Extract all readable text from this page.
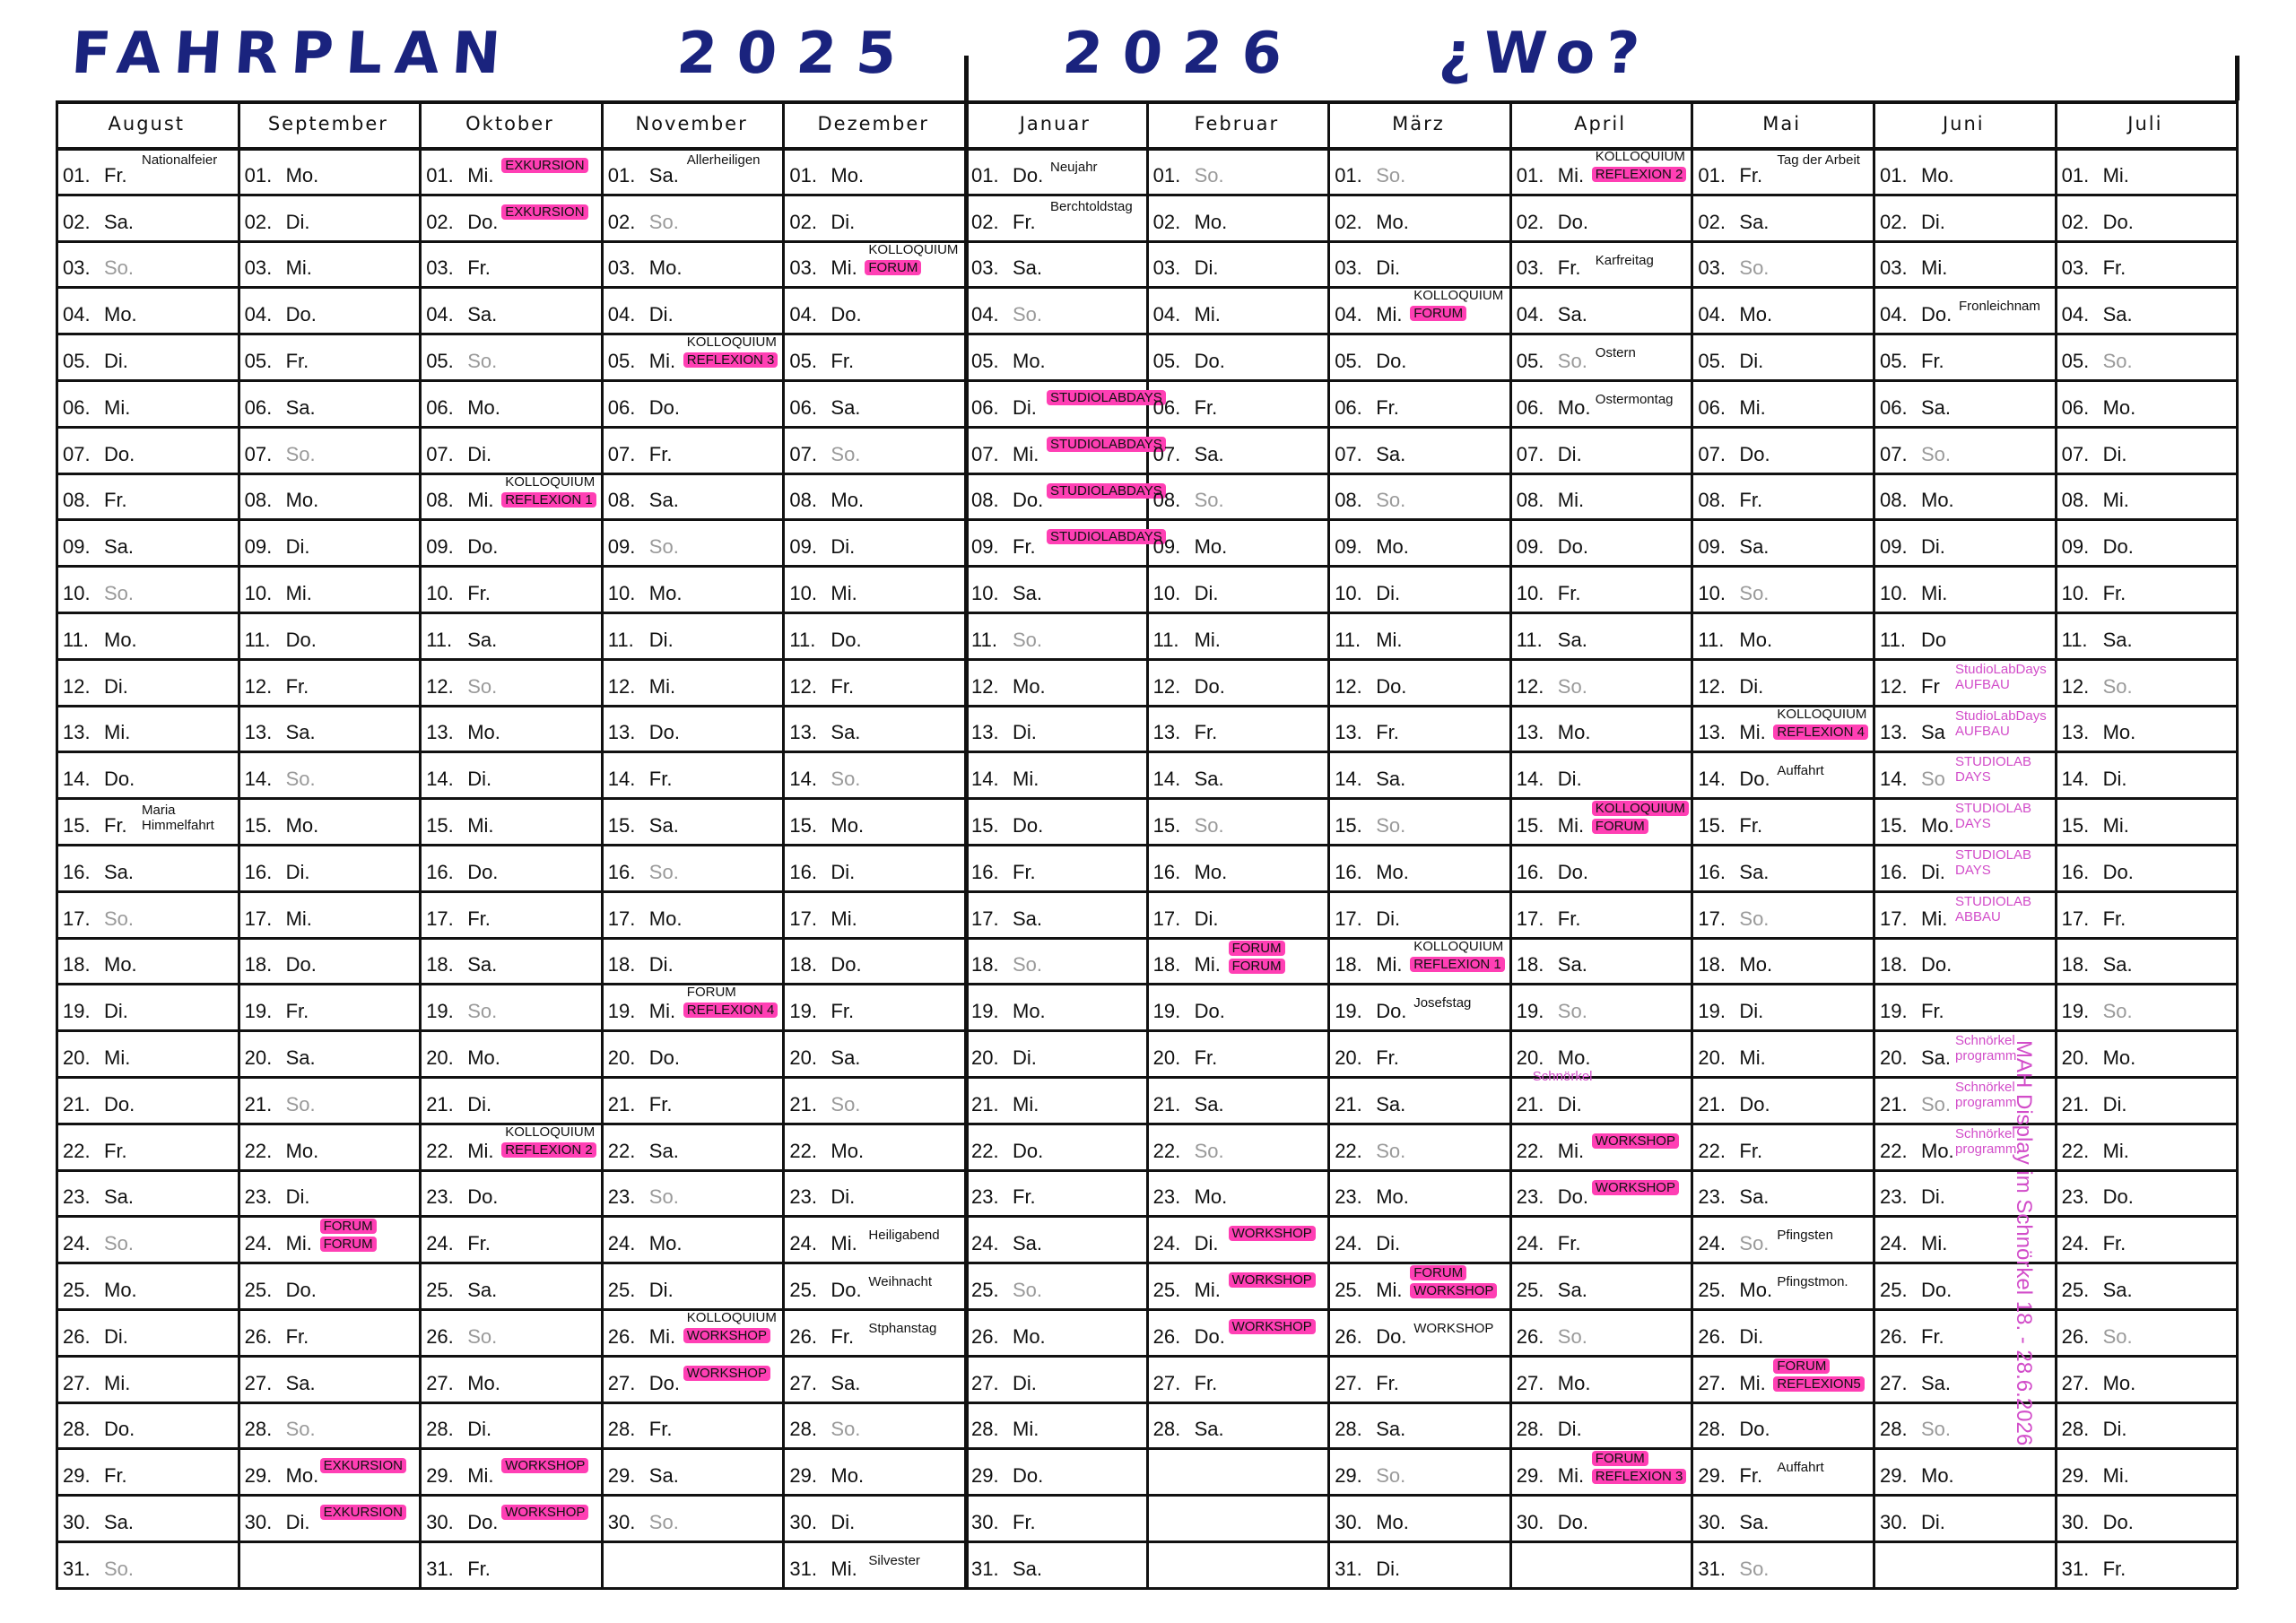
FAHRPLAN	2025 2026 ¿Wo?
August
01. Fr.
Nationalfeier
02. Sa.
03. So.
04. Mo.
05. Di.
06. Mi.
07. Do.
08. Fr.
09. Sa.
10. So.
11. Mo.
12. Di.
13. Mi.
14. Do.
15. Fr.
Maria Himmelfahrt
16. Sa.
17. So.
18. Mo.
19. Di.
20. Mi.
21. Do.
22. Fr.
23. Sa.
24. So.
25. Mo.
26. Di.
27. Mi.
28. Do.
29. Fr.
30. Sa.
31. So.
September
01. Mo.
02. Di.
03. Mi.
04. Do.
05. Fr.
06. Sa.
07. So.
08. Mo.
09. Di.
10. Mi.
11. Do.
12. Fr.
13. Sa.
14. So.
15. Mo.
16. Di.
17. Mi.
18. Do.
19. Fr.
20. Sa.
21. So.
22. Mo.
23. Di.
24. Mi.
FORUM
FORUM
25. Do.
26. Fr.
27. Sa.
28. So.
29. Mo. EXKURSION
30. Di. EXKURSION
Oktober
01. Mi. EXKURSION
02. Do. EXKURSION
03. Fr.
04. Sa.
05. So.
06. Mo.
07. Di.
08. Mi.
KOLLOQUIUM
REFLEXION 1
09. Do.
10. Fr.
11. Sa.
12. So.
13. Mo.
14. Di.
15. Mi.
16. Do.
17. Fr.
18. Sa.
19. So.
20. Mo.
21. Di.
22. Mi.
KOLLOQUIUM
REFLEXION 2
23. Do.
24. Fr.
25. Sa.
26. So.
27. Mo.
28. Di.
29. Mi. WORKSHOP
30. Do. WORKSHOP
31. Fr.
November
01. Sa.
Allerheiligen
02. So.
03. Mo.
04. Di.
05. Mi.
KOLLOQUIUM
REFLEXION 3
06. Do.
07. Fr.
08. Sa.
09. So.
10. Mo.
11. Di.
12. Mi.
13. Do.
14. Fr.
15. Sa.
16. So.
17. Mo.
18. Di.
19. Mi.
FORUM
REFLEXION 4
20. Do.
21. Fr.
22. Sa.
23. So.
24. Mo.
25. Di.
26. Mi.
KOLLOQUIUM
WORKSHOP
27. Do. WORKSHOP
28. Fr.
29. Sa.
30. So.
Dezember
01. Mo.
02. Di.
03. Mi.
KOLLOQUIUM
FORUM
04. Do.
05. Fr.
06. Sa.
07. So.
08. Mo.
09. Di.
10. Mi.
11. Do.
12. Fr.
13. Sa.
14. So.
15. Mo.
16. Di.
17. Mi.
18. Do.
19. Fr.
20. Sa.
21. So.
22. Mo.
23. Di.
24. Mi. Heiligabend
25. Do. Weihnacht
26. Fr. Stphanstag
27. Sa.
28. So.
29. Mo.
30. Di.
31. Mi. Silvester
Januar
01. Do. Neujahr
02. Fr.
Berchtoldstag
03. Sa.
04. So.
05. Mo.
06. Di. STUDIOLABDAYS
07. Mi. STUDIOLABDAYS
08. Do. STUDIOLABDAYS
09. Fr. STUDIOLABDAYS
10. Sa.
11. So.
12. Mo.
13. Di.
14. Mi.
15. Do.
16. Fr.
17. Sa.
18. So.
19. Mo.
20. Di.
21. Mi.
22. Do.
23. Fr.
24. Sa.
25. So.
26. Mo.
27. Di.
28. Mi.
29. Do.
30. Fr.
31. Sa.
Februar
01. So.
02. Mo.
03. Di.
04. Mi.
05. Do.
06. Fr.
07. Sa.
08. So.
09. Mo.
10. Di.
11. Mi.
12. Do.
13. Fr.
14. Sa.
15. So.
16. Mo.
17. Di.
18. Mi.
FORUM
FORUM
19. Do.
20. Fr.
21. Sa.
22. So.
23. Mo.
24. Di. WORKSHOP
25. Mi. WORKSHOP
26. Do. WORKSHOP
27. Fr.
28. Sa.
März
01. So.
02. Mo.
03. Di.
04. Mi.
KOLLOQUIUM
FORUM
05. Do.
06. Fr.
07. Sa.
08. So.
09. Mo.
10. Di.
11. Mi.
12. Do.
13. Fr.
14. Sa.
15. So.
16. Mo.
17. Di.
18. Mi.
KOLLOQUIUM
REFLEXION 1
19. Do. Josefstag
20. Fr.
21. Sa.
22. So.
23. Mo.
24. Di.
25. Mi.
FORUM
WORKSHOP
26. Do. WORKSHOP
27. Fr.
28. Sa.
29. So.
30. Mo.
31. Di.
April
01. Mi.
KOLLOQUIUM
REFLEXION 2
02. Do.
03. Fr. Karfreitag
04. Sa.
05. So. Ostern
06. Mo. Ostermontag
07. Di.
08. Mi.
09. Do.
10. Fr.
11. Sa.
12. So.
13. Mo.
14. Di.
15. Mi.
KOLLOQUIUM
FORUM
16. Do.
17. Fr.
18. Sa.
19. So.
20. Mo.
21. Di.
22. Mi. WORKSHOP
23. Do. WORKSHOP
24. Fr.
25. Sa.
26. So.
27. Mo.
28. Di.
29. Mi.
FORUM
REFLEXION 3
30. Do.
Mai
01. Fr.
Tag der Arbeit
02. Sa.
03. So.
04. Mo.
05. Di.
06. Mi.
07. Do.
08. Fr.
09. Sa.
10. So.
11. Mo.
12. Di.
13. Mi.
KOLLOQUIUM
REFLEXION 4
14. Do. Auffahrt
15. Fr.
16. Sa.
17. So.
18. Mo.
19. Di.
20. Mi.
21. Do.
22. Fr.
23. Sa.
24. So. Pfingsten
25. Mo. Pfingstmon.
26. Di.
27. Mi.
FORUM
REFLEXION5
28. Do.
29. Fr. Auffahrt
30. Sa.
31. So.
Juni
01. Mo.
02. Di.
03. Mi.
04. Do. Fronleichnam
05. Fr.
06. Sa.
07. So.
08. Mo.
09. Di.
10. Mi.
11. Do
12. Fr
StudioLabDays AUFBAU
13. Sa
StudioLabDays AUFBAU
14. So
STUDIOLAB DAYS
15. Mo.
STUDIOLAB DAYS
16. Di.
STUDIOLAB DAYS
17. Mi.
STUDIOLAB ABBAU
18. Do.
19. Fr.
20. Sa.
Schnörkel programm
21. So.
Schnörkel programm
22. Mo.
Schnörkel programm
23. Di.
24. Mi.
25. Do.
26. Fr.
27. Sa.
28. So.
29. Mo.
30. Di.
Juli
01. Mi.
02. Do.
03. Fr.
04. Sa.
05. So.
06. Mo.
07. Di.
08. Mi.
09. Do.
10. Fr.
11. Sa.
12. So.
13. Mo.
14. Di.
15. Mi.
16. Do.
17. Fr.
18. Sa.
19. So.
20. Mo.
21. Di.
22. Mi.
23. Do.
24. Fr.
25. Sa.
26. So.
27. Mo.
28. Di.
29. Mi.
30. Do.
31. Fr.
Schnörkel	MAH Display im Schnörkel 18. - 28.6.2026
